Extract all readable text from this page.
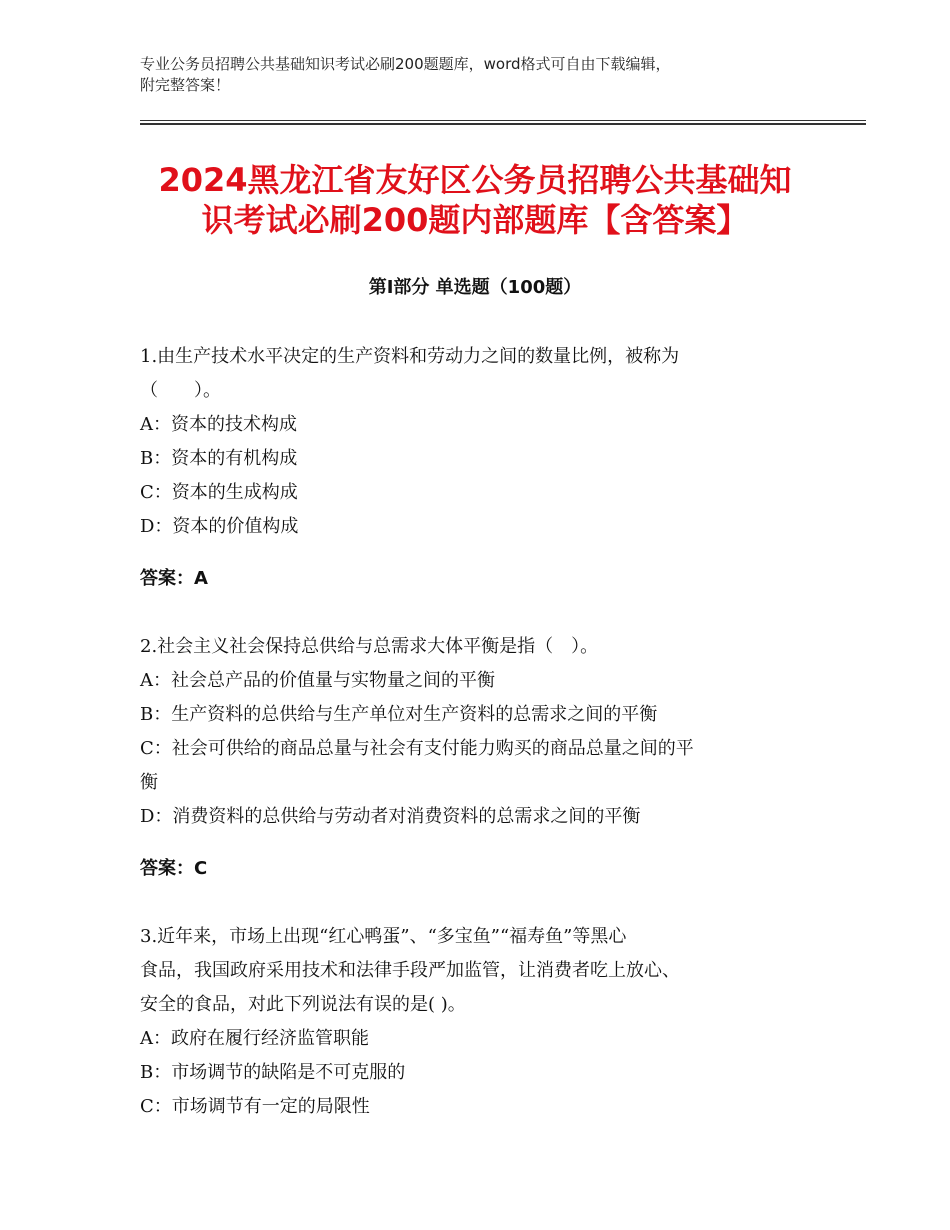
专业公务员招聘公共基础知识考试必刷200题题库，word格式可自由下载编辑，
附完整答案！
2024黑龙江省友好区公务员招聘公共基础知
识考试必刷200题内部题库【含答案】
第Ⅰ部分 单选题（100题）

1.由生产技术水平决定的生产资料和劳动力之间的数量比例，被称为

（　　）。

A：资本的技术构成

B：资本的有机构成

C：资本的生成构成

D：资本的价值构成

答案：A

2.社会主义社会保持总供给与总需求大体平衡是指（　）。

A：社会总产品的价值量与实物量之间的平衡

B：生产资料的总供给与生产单位对生产资料的总需求之间的平衡

C：社会可供给的商品总量与社会有支付能力购买的商品总量之间的平

衡

D：消费资料的总供给与劳动者对消费资料的总需求之间的平衡

答案：C

3.近年来，市场上出现“红心鸭蛋”、“多宝鱼”“福寿鱼”等黑心

食品，我国政府采用技术和法律手段严加监管，让消费者吃上放心、

安全的食品，对此下列说法有误的是( )。

A：政府在履行经济监管职能

B：市场调节的缺陷是不可克服的

C：市场调节有一定的局限性
